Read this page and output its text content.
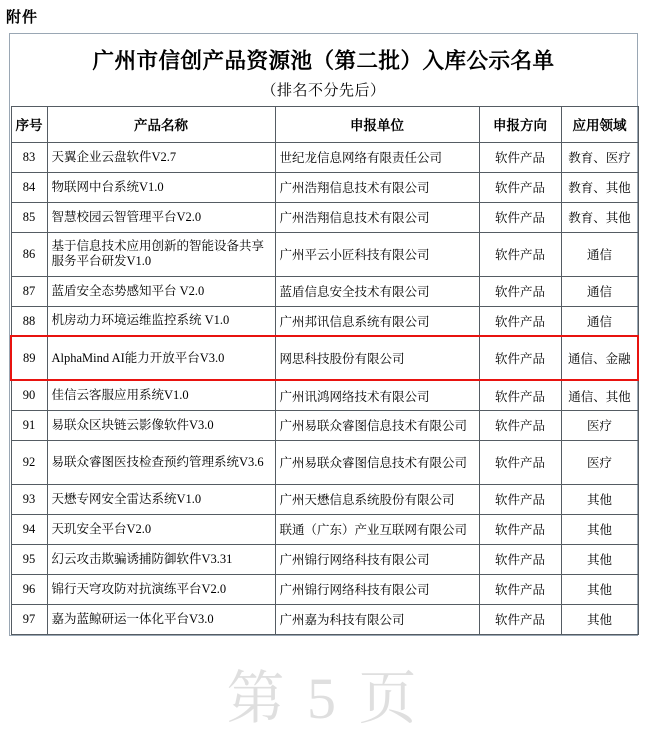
附件
广州市信创产品资源池（第二批）入库公示名单
（排名不分先后）
序号	产品名称	申报单位	申报方向	应用领域
83	天翼企业云盘软件V2.7	世纪龙信息网络有限责任公司	软件产品	教育、医疗
84	物联网中台系统V1.0	广州浩翔信息技术有限公司	软件产品	教育、其他
85	智慧校园云智管理平台V2.0	广州浩翔信息技术有限公司	软件产品	教育、其他
86	基于信息技术应用创新的智能设备共享服务平台研发V1.0	广州平云小匠科技有限公司	软件产品	通信
87	蓝盾安全态势感知平台 V2.0	蓝盾信息安全技术有限公司	软件产品	通信
88	机房动力环境运维监控系统 V1.0	广州邦讯信息系统有限公司	软件产品	通信
89	AlphaMind AI能力开放平台V3.0	网思科技股份有限公司	软件产品	通信、金融
90	佳信云客服应用系统V1.0	广州讯鸿网络技术有限公司	软件产品	通信、其他
91	易联众区块链云影像软件V3.0	广州易联众睿图信息技术有限公司	软件产品	医疗
92	易联众睿图医技检查预约管理系统V3.6	广州易联众睿图信息技术有限公司	软件产品	医疗
93	天懋专网安全雷达系统V1.0	广州天懋信息系统股份有限公司	软件产品	其他
94	天玑安全平台V2.0	联通（广东）产业互联网有限公司	软件产品	其他
95	幻云攻击欺骗诱捕防御软件V3.31	广州锦行网络科技有限公司	软件产品	其他
96	锦行天穹攻防对抗演练平台V2.0	广州锦行网络科技有限公司	软件产品	其他
97	嘉为蓝鲸研运一体化平台V3.0	广州嘉为科技有限公司	软件产品	其他
第 5 页
